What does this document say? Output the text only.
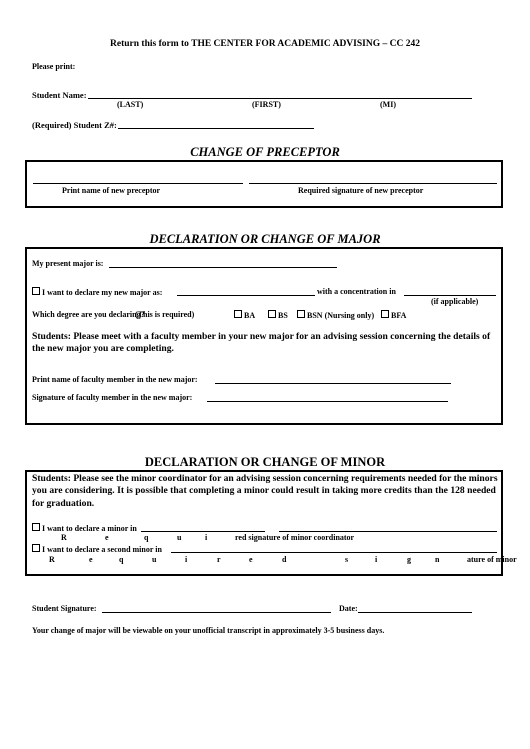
Return this form to THE CENTER FOR ACADEMIC ADVISING – CC 242
Please print:
Student Name:
(LAST)	(FIRST)	(MI)
(Required) Student Z#:
CHANGE OF PRECEPTOR
Print name of new preceptor	Required signature of new preceptor
DECLARATION OR CHANGE OF MAJOR
My present major is:
I want to declare my new major as:	with a concentration in
(if applicable)
Which degree are you declaring?
(This is required)	BA	BS	BSN (Nursing only)	BFA
Students: Please meet with a faculty member in your new major for an advising session concerning the details of the new major you are completing.
Print name of faculty member in the new major:
Signature of faculty member in the new major:
DECLARATION OR CHANGE OF MINOR
Students: Please see the minor coordinator for an advising session concerning requirements needed for the minors you are considering. It is possible that completing a minor could result in taking more credits than the 128 needed for graduation.
I want to declare a minor in
R	e	q	u	i	red signature of minor coordinator
I want to declare a second minor in
R	e	q	u	i	r	e	d	s	i	g	n	ature of minor
Student Signature:	Date:
Your change of major will be viewable on your unofficial transcript in approximately 3-5 business days.
